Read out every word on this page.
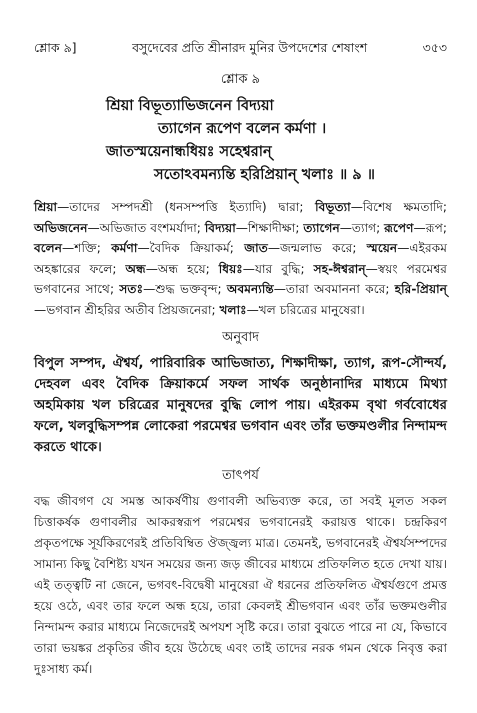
শ্লোক ৯]	বসুদেবের প্রতি শ্রীনারদ মুনির উপদেশের শেষাংশ	৩৫৩
শ্লোক ৯
শ্রিয়া বিভূত্যাভিজনেন বিদ্যয়া
ত্যাগেন রূপেণ বলেন কর্মণা ।
জাতস্ময়েনান্ধধিয়ঃ সহেশ্বরান্
সতোঽবমন্যন্তি হরিপ্রিয়ান্ খলাঃ ॥ ৯ ॥
শ্রিয়া—তাদের সম্পদশ্রী (ধনসম্পত্তি ইত্যাদি) দ্বারা; বিভূত্যা—বিশেষ ক্ষমতাদি; অভিজনেন—অভিজাত বংশমর্যাদা; বিদ্যয়া—শিক্ষাদীক্ষা; ত্যাগেন—ত্যাগ; রূপেণ—রূপ; বলেন—শক্তি; কর্মণা—বৈদিক ক্রিয়াকর্ম; জাত—জন্মলাভ করে; স্ময়েন—এইরকম অহঙ্কারের ফলে; অন্ধ—অন্ধ হয়ে; ধিয়ঃ—যার বুদ্ধি; সহ-ঈশ্বরান্—স্বয়ং পরমেশ্বর ভগবানের সাথে; সতঃ—শুদ্ধ ভক্তবৃন্দ; অবমন্যন্তি—তারা অবমাননা করে; হরি-প্রিয়ান্—ভগবান শ্রীহরির অতীব প্রিয়জনেরা; খলাঃ—খল চরিত্রের মানুষেরা।
অনুবাদ
বিপুল সম্পদ, ঐশ্বর্য, পারিবারিক আভিজাত্য, শিক্ষাদীক্ষা, ত্যাগ, রূপ-সৌন্দর্য, দেহবল এবং বৈদিক ক্রিয়াকর্মে সফল সার্থক অনুষ্ঠানাদির মাধ্যমে মিথ্যা অহমিকায় খল চরিত্রের মানুষদের বুদ্ধি লোপ পায়। এইরকম বৃথা গর্ববোধের ফলে, খলবুদ্ধিসম্পন্ন লোকেরা পরমেশ্বর ভগবান এবং তাঁর ভক্তমণ্ডলীর নিন্দামন্দ করতে থাকে।
তাৎপর্য
বদ্ধ জীবগণ যে সমস্ত আকর্ষণীয় গুণাবলী অভিব্যক্ত করে, তা সবই মূলত সকল চিত্তাকর্ষক গুণাবলীর আকরস্বরূপ পরমেশ্বর ভগবানেরই করায়ত্ত থাকে। চন্দ্রকিরণ প্রকৃতপক্ষে সূর্যকিরণেরই প্রতিবিম্বিত ঔজ্জ্বল্য মাত্র। তেমনই, ভগবানেরই ঐশ্বর্যসম্পদের সামান্য কিছু বৈশিষ্ট্য যখন সময়ের জন্য জড় জীবের মাধ্যমে প্রতিফলিত হতে দেখা যায়। এই তত্ত্বটি না জেনে, ভগবৎ-বিদ্বেষী মানুষেরা ঐ ধরনের প্রতিফলিত ঐশ্বর্যগুণে প্রমত্ত হয়ে ওঠে, এবং তার ফলে অন্ধ হয়ে, তারা কেবলই শ্রীভগবান এবং তাঁর ভক্তমণ্ডলীর নিন্দামন্দ করার মাধ্যমে নিজেদেরই অপযশ সৃষ্টি করে। তারা বুঝতে পারে না যে, কিভাবে তারা ভয়ঙ্কর প্রকৃতির জীব হয়ে উঠেছে এবং তাই তাদের নরক গমন থেকে নিবৃত্ত করা দুঃসাধ্য কর্ম।
